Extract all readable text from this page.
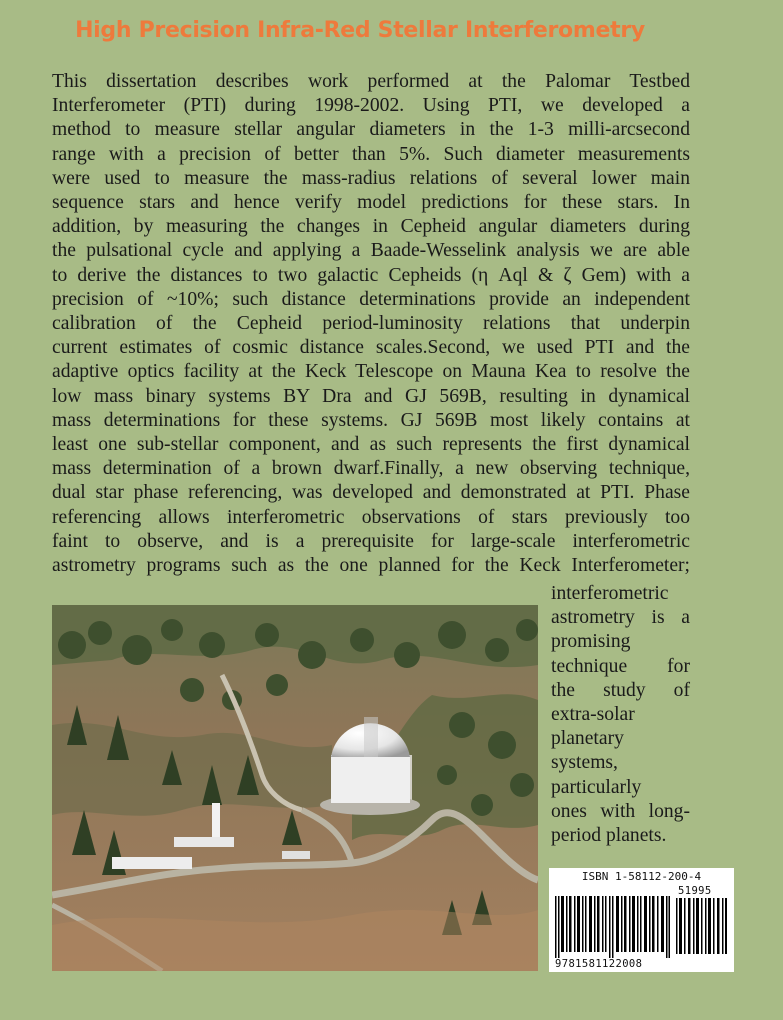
High Precision Infra-Red Stellar Interferometry

This dissertation describes work performed at the Palomar Testbed
Interferometer (PTI) during 1998-2002. Using PTI, we developed a
method to measure stellar angular diameters in the 1-3 milli-arcsecond
range with a precision of better than 5%. Such diameter measurements
were used to measure the mass-radius relations of several lower main
sequence stars and hence verify model predictions for these stars. In
addition, by measuring the changes in Cepheid angular diameters during
the pulsational cycle and applying a Baade-Wesselink analysis we are able
to derive the distances to two galactic Cepheids (η Aql & ζ Gem) with a
precision of ~10%; such distance determinations provide an independent
calibration of the Cepheid period-luminosity relations that underpin
current estimates of cosmic distance scales.Second, we used PTI and the
adaptive optics facility at the Keck Telescope on Mauna Kea to resolve the
low mass binary systems BY Dra and GJ 569B, resulting in dynamical
mass determinations for these systems. GJ 569B most likely contains at
least one sub-stellar component, and as such represents the first dynamical
mass determination of a brown dwarf.Finally, a new observing technique,
dual star phase referencing, was developed and demonstrated at PTI. Phase
referencing allows interferometric observations of stars previously too
faint to observe, and is a prerequisite for large-scale interferometric
astrometry programs such as the one planned for the Keck Interferometer;

interferometric
astrometry is a
promising
technique for
the study of
extra-solar
planetary
systems,
particularly
ones with long-
period planets.

ISBN 1-58112-200-4
51995
9781581122008
